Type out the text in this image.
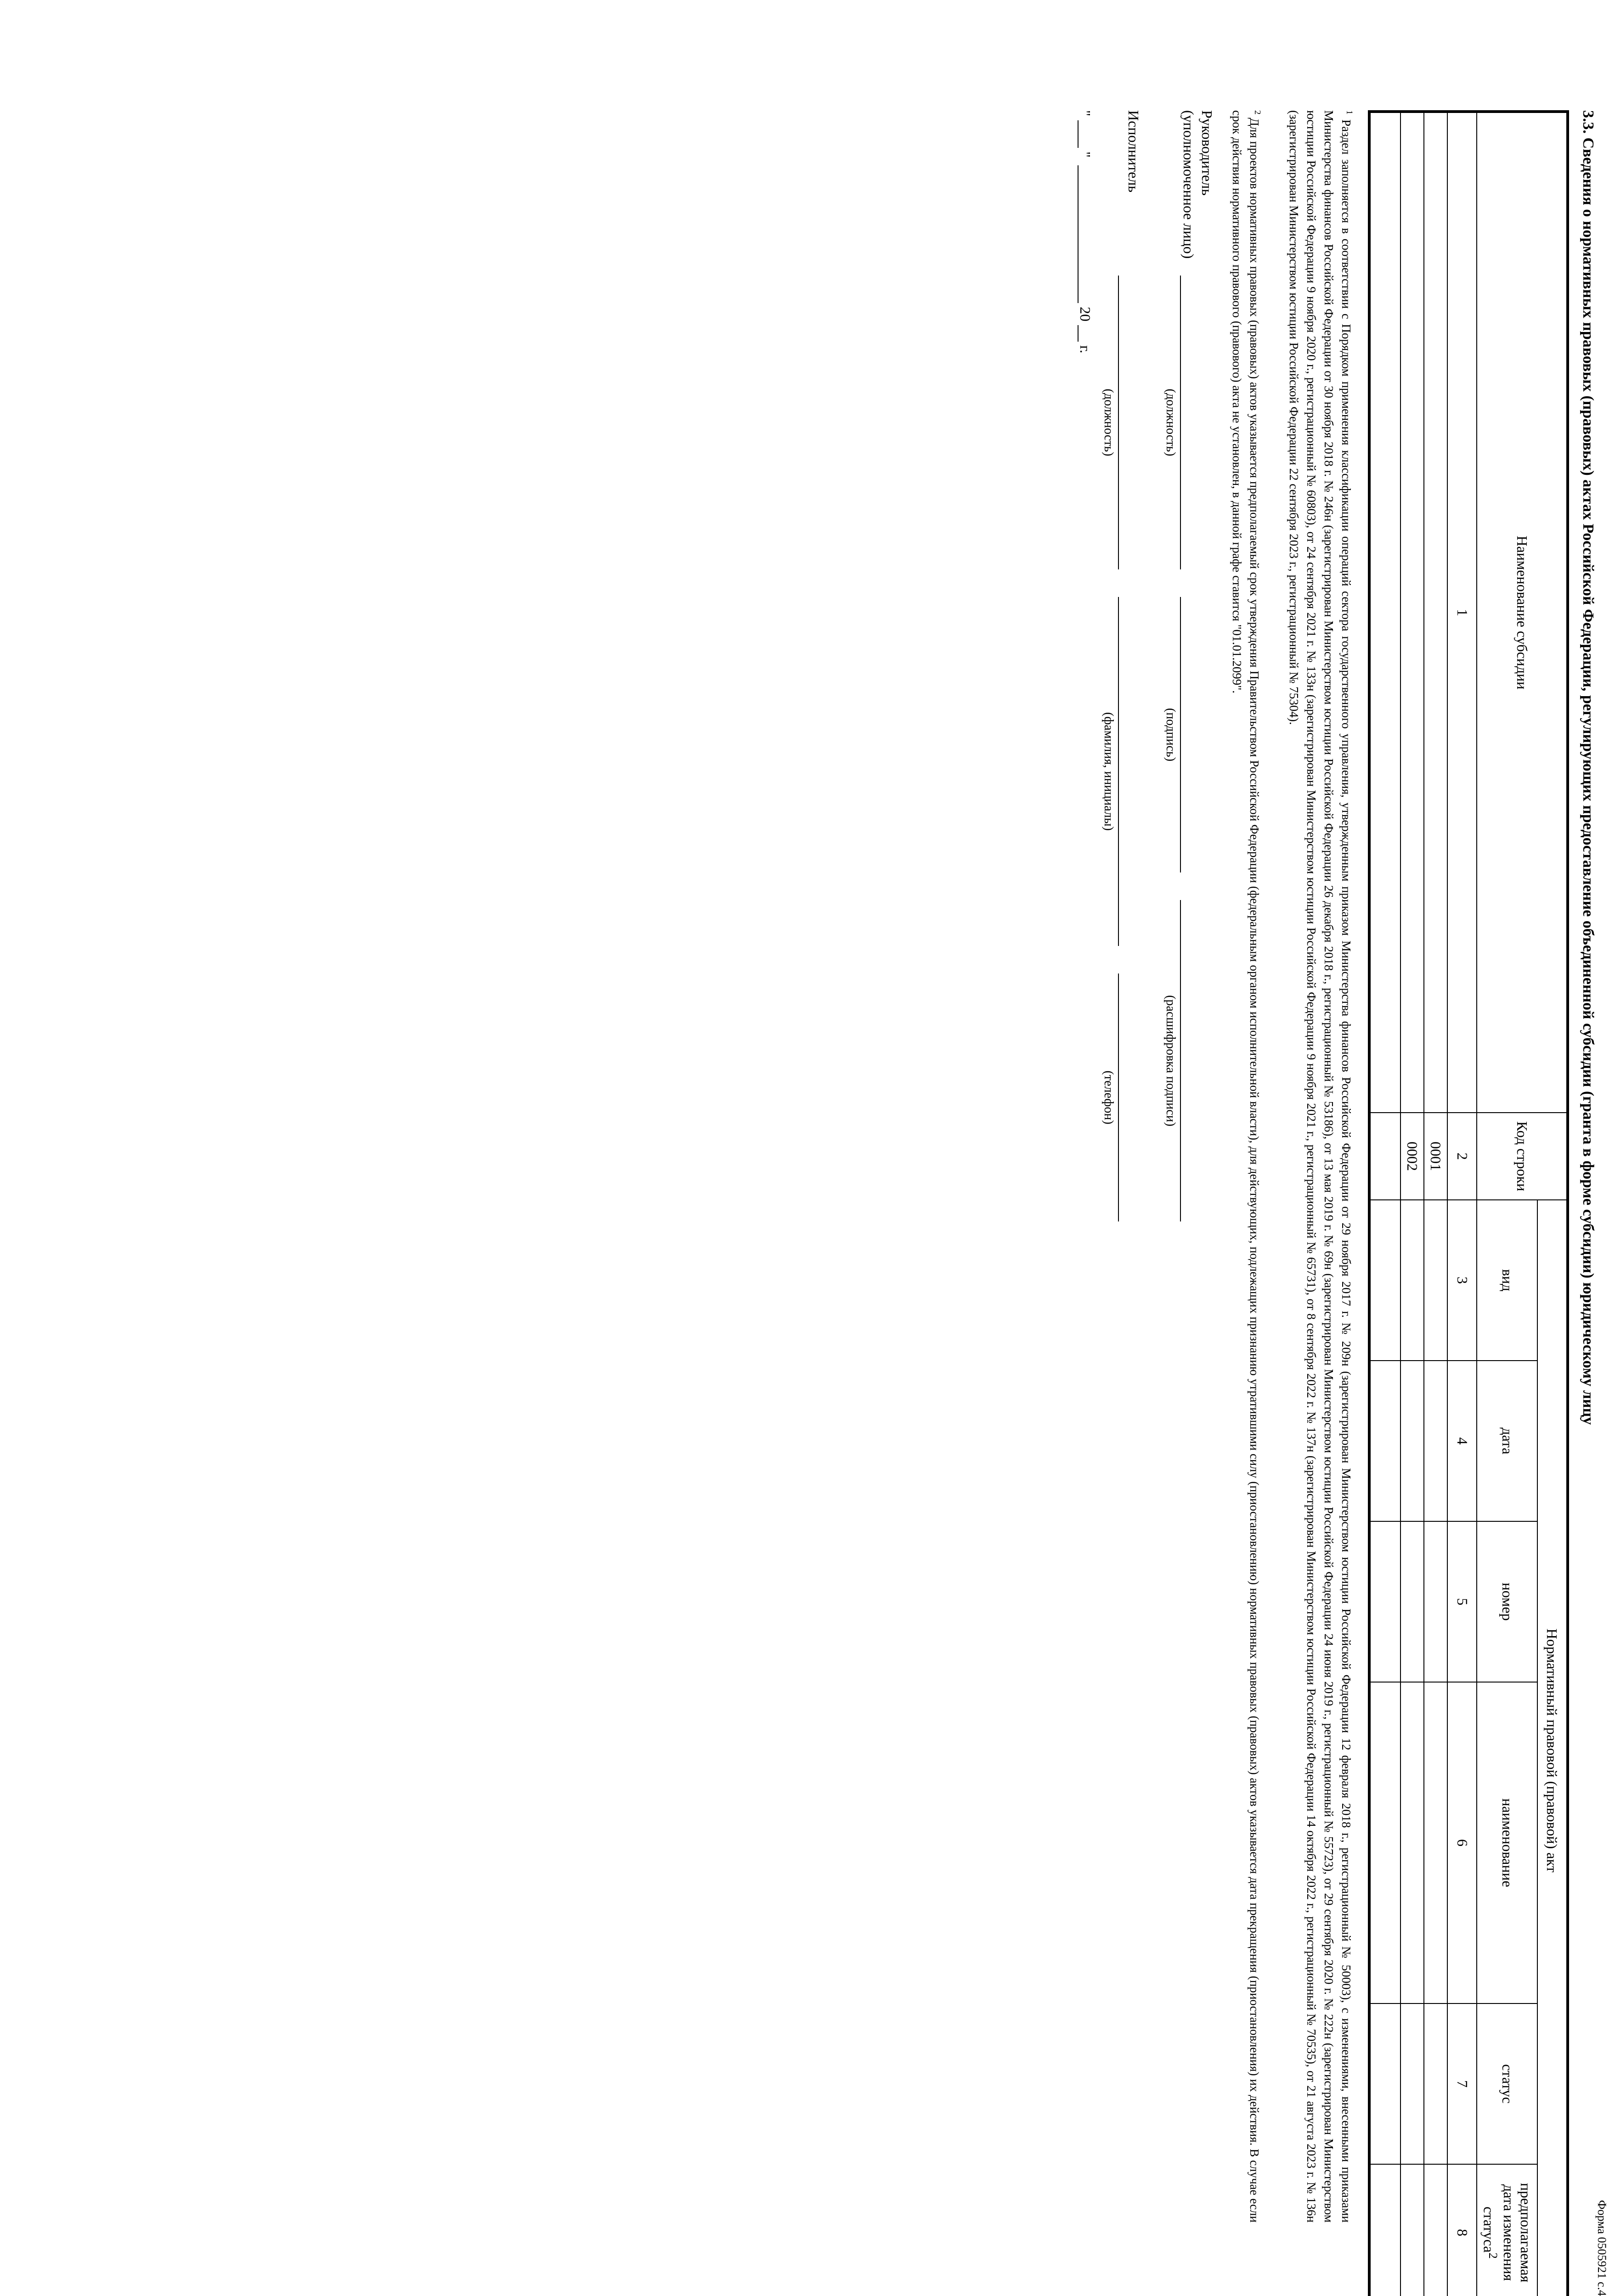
Форма 0505921 с.4
3.3. Сведения о нормативных правовых (правовых) актах Российской Федерации, регулирующих предоставление объединенной субсидии (гранта в форме субсидии) юридическому лицу
Наименование субсидии	Код строки	Нормативный правовой (правовой) акт					
		вид	дата	номер	наименование	статус	предполагаемая дата изменения статуса$^2$
1	2	3	4	5	6	7	8
	0001						
	0002						

$^1$ Раздел заполняется в соответствии с Порядком применения классификации операций сектора государственного управления, утвержденным приказом Министерства финансов Российской Федерации от 29 ноября 2017 г. № 209н (зарегистрирован Министерством юстиции Российской Федерации 12 февраля 2018 г., регистрационный № 50003), с изменениями, внесенными приказами Министерства финансов Российской Федерации от 30 ноября 2018 г. № 246н (зарегистрирован Министерством юстиции Российской Федерации 26 декабря 2018 г., регистрационный № 53186), от 13 мая 2019 г. № 69н (зарегистрирован Министерством юстиции Российской Федерации 24 июня 2019 г., регистрационный № 55723), от 29 сентября 2020 г. № 222н (зарегистрирован Министерством юстиции Российской Федерации 9 ноября 2020 г., регистрационный № 60803), от 24 сентября 2021 г. № 133н (зарегистрирован Министерством юстиции Российской Федерации 9 ноября 2021 г., регистрационный № 65731), от 8 сентября 2022 г. № 137н (зарегистрирован Министерством юстиции Российской Федерации 14 октября 2022 г., регистрационный № 70535), от 21 августа 2023 г. № 136н (зарегистрирован Министерством юстиции Российской Федерации 22 сентября 2023 г., регистрационный № 75304).
$^2$ Для проектов нормативных правовых (правовых) актов указывается предполагаемый срок утверждения Правительством Российской Федерации (федеральным органом исполнительной власти), для действующих, подлежащих признанию утратившими силу (приостановлению) нормативных правовых (правовых) актов указывается дата прекращения (приостановления) их действия. В случае если срок действия нормативного правового (правового) акта не установлен, в данной графе ставится "01.01.2099".
Руководитель
(уполномоченное лицо)
(должность)
(подпись)
(расшифровка подписи)
Исполнитель
(должность)
(фамилия, инициалы)
(телефон)
"
"
20
г.
